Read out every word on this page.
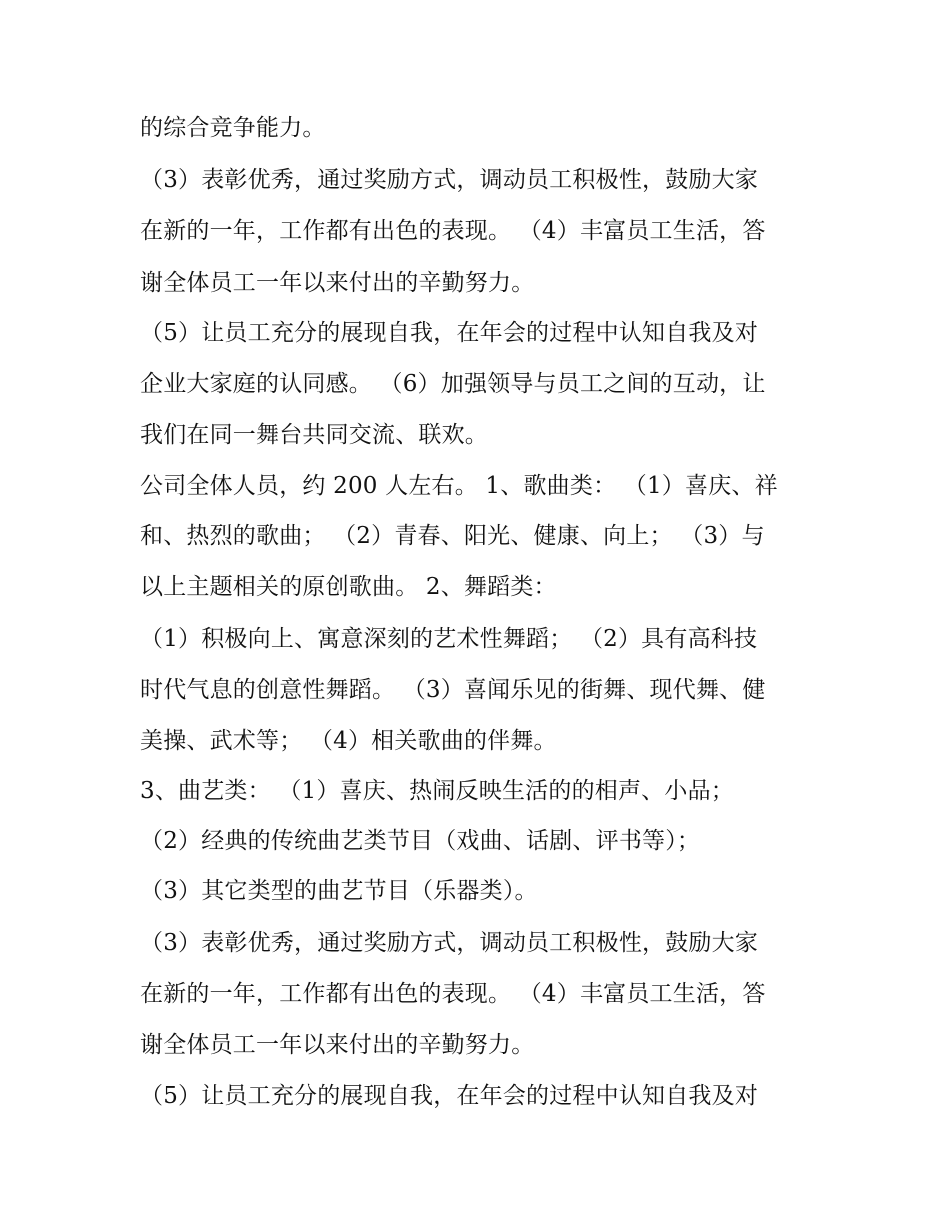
的综合竞争能力。
（3）表彰优秀，通过奖励方式，调动员工积极性，鼓励大家
在新的一年，工作都有出色的表现。 （4）丰富员工生活，答
谢全体员工一年以来付出的辛勤努力。
（5）让员工充分的展现自我，在年会的过程中认知自我及对
企业大家庭的认同感。 （6）加强领导与员工之间的互动，让
我们在同一舞台共同交流、联欢。
公司全体人员，约 200 人左右。 1、歌曲类： （1）喜庆、祥
和、热烈的歌曲； （2）青春、阳光、健康、向上； （3）与
以上主题相关的原创歌曲。 2、舞蹈类：
（1）积极向上、寓意深刻的艺术性舞蹈； （2）具有高科技
时代气息的创意性舞蹈。 （3）喜闻乐见的街舞、现代舞、健
美操、武术等； （4）相关歌曲的伴舞。
3、曲艺类： （1）喜庆、热闹反映生活的的相声、小品；
（2）经典的传统曲艺类节目（戏曲、话剧、评书等）；
（3）其它类型的曲艺节目（乐器类）。
（3）表彰优秀，通过奖励方式，调动员工积极性，鼓励大家
在新的一年，工作都有出色的表现。 （4）丰富员工生活，答
谢全体员工一年以来付出的辛勤努力。
（5）让员工充分的展现自我，在年会的过程中认知自我及对
